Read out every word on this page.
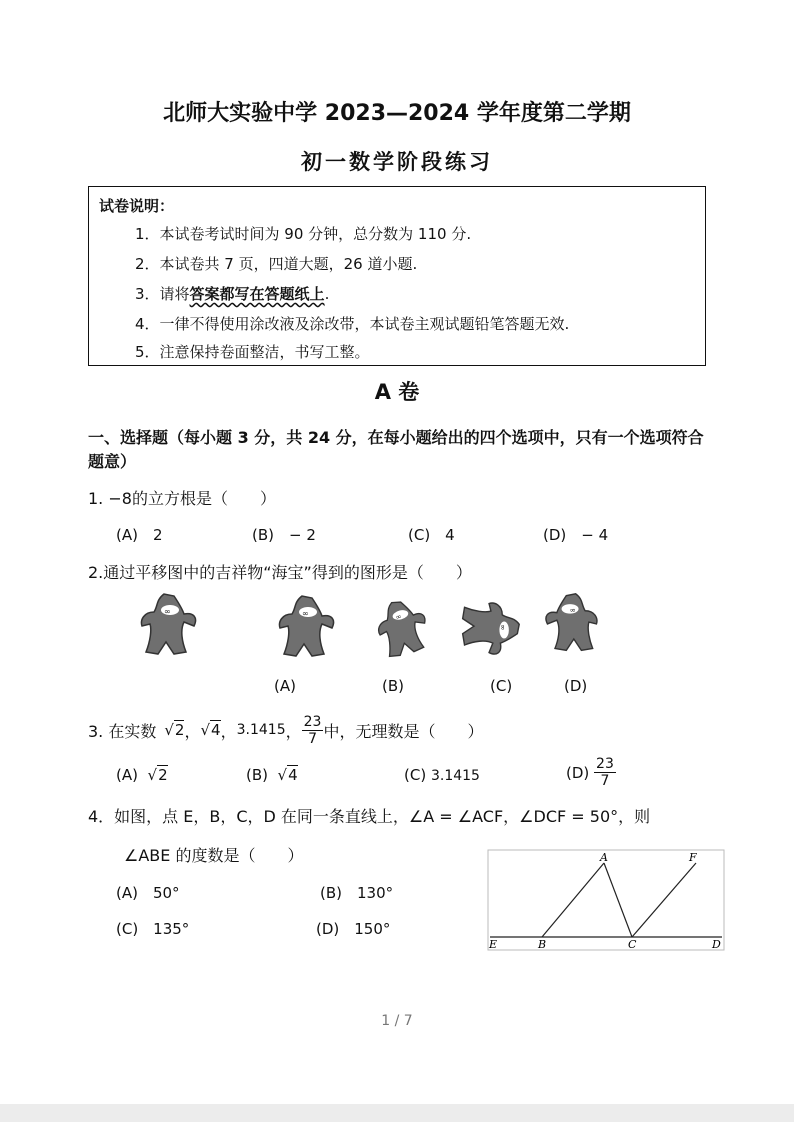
北师大实验中学 2023—2024 学年度第二学期
初一数学阶段练习
试卷说明：
1．本试卷考试时间为 90 分钟，总分数为 110 分.
2．本试卷共 7 页，四道大题，26 道小题.
3．请将答案都写在答题纸上.
4．一律不得使用涂改液及涂改带，本试卷主观试题铅笔答题无效.
5．注意保持卷面整洁，书写工整。
A 卷
一、选择题（每小题 3 分，共 24 分，在每小题给出的四个选项中，只有一个选项符合题意）
1. −8的立方根是（　　）
(A)　2	(B)　− 2	(C)　4	(D)　− 4
2.通过平移图中的吉祥物“海宝”得到的图形是（　　）
∞	∞	∞
∞
∞
(A)	(B)	(C)	(D)
3. 在实数 √2 ， √4 ， 3.1415 ， $\frac{23}{7}$ 中，无理数是（　　）
(A) √2	(B) √4	(C) 3.1415	(D)
$\frac{23}{7}$
4．如图，点 E，B，C，D 在同一条直线上，∠A = ∠ACF，∠DCF = 50°，则
∠ABE 的度数是（　　）
(A)　50°	(B)　130°
(C)　135°	(D)　150°
A	F
E	B	C	D
1 / 7
